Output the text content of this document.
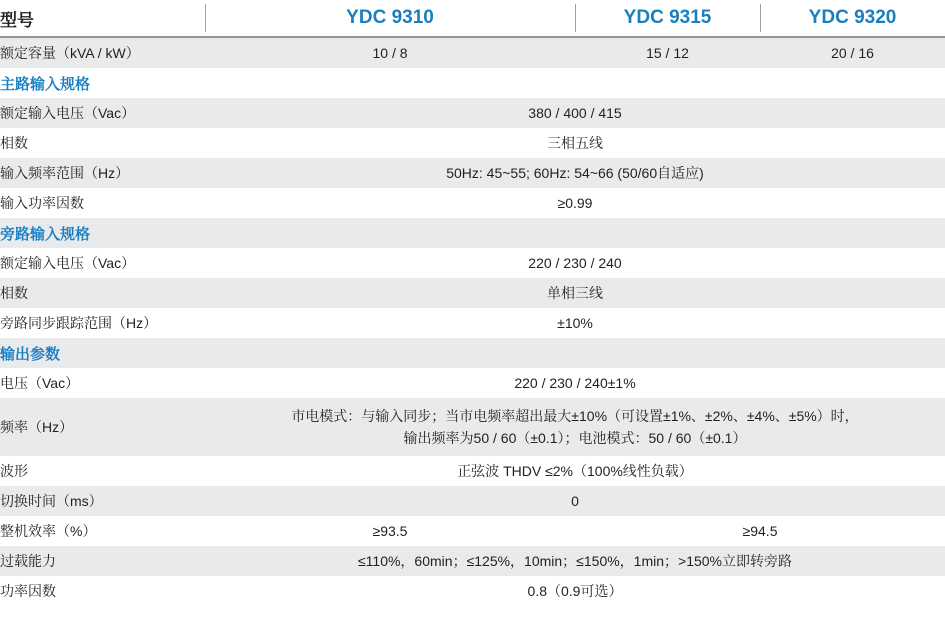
型号	YDC 9310	YDC 9315	YDC 9320

额定容量（kVA / kW）	10 / 8	15 / 12	20 / 16
主路输入规格			
额定输入电压（Vac）	380 / 400 / 415		
相数	三相五线		
输入频率范围（Hz）	50Hz: 45~55; 60Hz: 54~66 (50/60自适应)		
输入功率因数	≥0.99		
旁路输入规格			
额定输入电压（Vac）	220 / 230 / 240		
相数	单相三线		
旁路同步跟踪范围（Hz）	±10%		
输出参数			
电压（Vac）	220 / 230 / 240±1%		
频率（Hz）	市电模式：与输入同步；当市电频率超出最大±10%（可设置±1%、±2%、±4%、±5%）时，
输出频率为50 / 60（±0.1）；电池模式：50 / 60（±0.1）		

波形	正弦波 THDV ≤2%（100%线性负载）		
切换时间（ms）	0		
整机效率（%）	≥93.5	≥94.5	
过载能力	≤110%，60min；≤125%，10min；≤150%，1min；>150%立即转旁路		
功率因数	0.8（0.9可选）		
